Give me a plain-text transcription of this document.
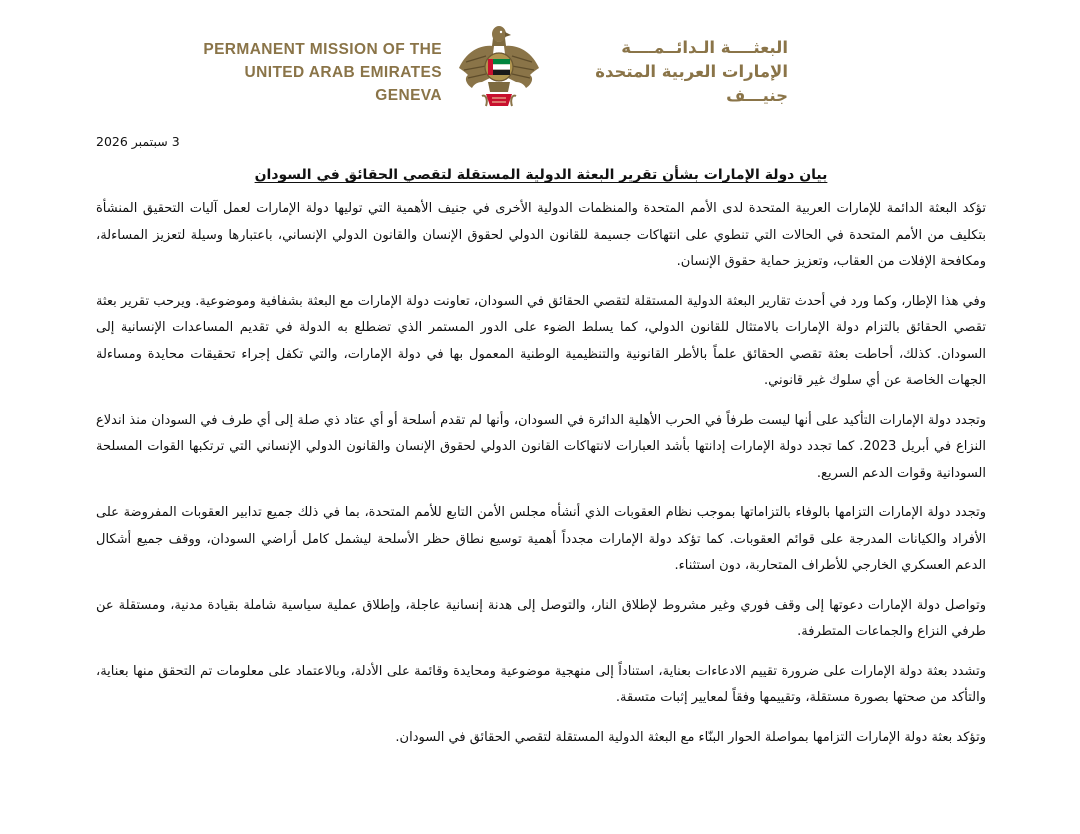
PERMANENT MISSION OF THE
UNITED ARAB EMIRATES
GENEVA
البعثــــة الـدائــمــــة
الإمارات العربية المتحدة
جنيـــف
3 سبتمبر 2026
بيان دولة الإمارات بشأن تقرير البعثة الدولية المستقلة لتقصي الحقائق في السودان

تؤكد البعثة الدائمة للإمارات العربية المتحدة لدى الأمم المتحدة والمنظمات الدولية الأخرى في جنيف الأهمية التي توليها دولة الإمارات لعمل آليات التحقيق المنشأة بتكليف من الأمم المتحدة في الحالات التي تنطوي على انتهاكات جسيمة للقانون الدولي لحقوق الإنسان والقانون الدولي الإنساني، باعتبارها وسيلة لتعزيز المساءلة، ومكافحة الإفلات من العقاب، وتعزيز حماية حقوق الإنسان.

وفي هذا الإطار، وكما ورد في أحدث تقارير البعثة الدولية المستقلة لتقصي الحقائق في السودان، تعاونت دولة الإمارات مع البعثة بشفافية وموضوعية. ويرحب تقرير بعثة تقصي الحقائق بالتزام دولة الإمارات بالامتثال للقانون الدولي، كما يسلط الضوء على الدور المستمر الذي تضطلع به الدولة في تقديم المساعدات الإنسانية إلى السودان. كذلك، أحاطت بعثة تقصي الحقائق علماً بالأطر القانونية والتنظيمية الوطنية المعمول بها في دولة الإمارات، والتي تكفل إجراء تحقيقات محايدة ومساءلة الجهات الخاصة عن أي سلوك غير قانوني.

وتجدد دولة الإمارات التأكيد على أنها ليست طرفاً في الحرب الأهلية الدائرة في السودان، وأنها لم تقدم أسلحة أو أي عتاد ذي صلة إلى أي طرف في السودان منذ اندلاع النزاع في أبريل 2023. كما تجدد دولة الإمارات إدانتها بأشد العبارات لانتهاكات القانون الدولي لحقوق الإنسان والقانون الدولي الإنساني التي ترتكبها القوات المسلحة السودانية وقوات الدعم السريع.

وتجدد دولة الإمارات التزامها بالوفاء بالتزاماتها بموجب نظام العقوبات الذي أنشأه مجلس الأمن التابع للأمم المتحدة، بما في ذلك جميع تدابير العقوبات المفروضة على الأفراد والكيانات المدرجة على قوائم العقوبات. كما تؤكد دولة الإمارات مجدداً أهمية توسيع نطاق حظر الأسلحة ليشمل كامل أراضي السودان، ووقف جميع أشكال الدعم العسكري الخارجي للأطراف المتحاربة، دون استثناء.

وتواصل دولة الإمارات دعوتها إلى وقف فوري وغير مشروط لإطلاق النار، والتوصل إلى هدنة إنسانية عاجلة، وإطلاق عملية سياسية شاملة بقيادة مدنية، ومستقلة عن طرفي النزاع والجماعات المتطرفة.

وتشدد بعثة دولة الإمارات على ضرورة تقييم الادعاءات بعناية، استناداً إلى منهجية موضوعية ومحايدة وقائمة على الأدلة، وبالاعتماد على معلومات تم التحقق منها بعناية، والتأكد من صحتها بصورة مستقلة، وتقييمها وفقاً لمعايير إثبات متسقة.

وتؤكد بعثة دولة الإمارات التزامها بمواصلة الحوار البنّاء مع البعثة الدولية المستقلة لتقصي الحقائق في السودان.
